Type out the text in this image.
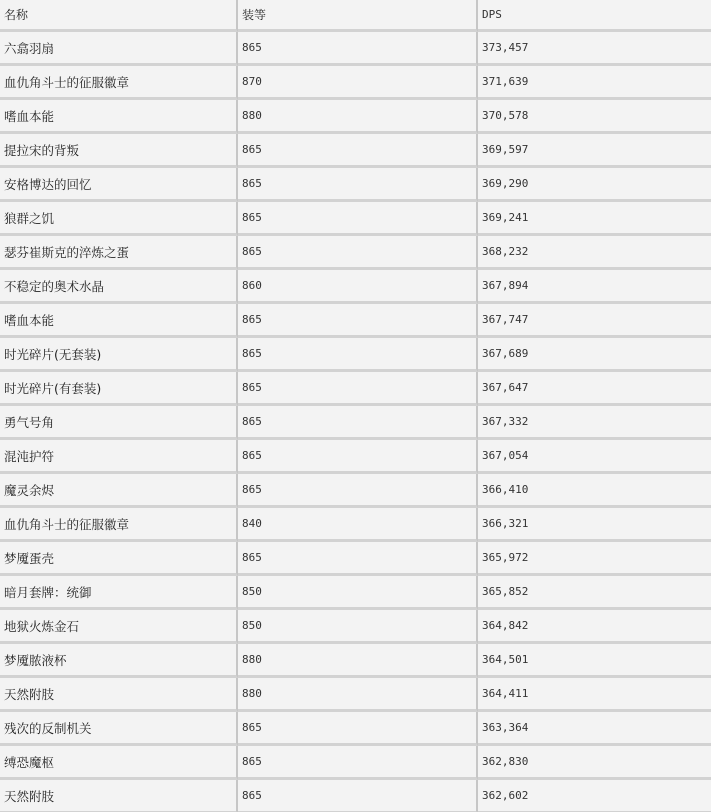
名称	装等	DPS
六翕羽扇	865	373,457
血仇角斗士的征服徽章	870	371,639
嗜血本能	880	370,578
提拉宋的背叛	865	369,597
安格博达的回忆	865	369,290
狼群之饥	865	369,241
瑟芬崔斯克的淬炼之蛋	865	368,232
不稳定的奥术水晶	860	367,894
嗜血本能	865	367,747
时光碎片(无套装)	865	367,689
时光碎片(有套装)	865	367,647
勇气号角	865	367,332
混沌护符	865	367,054
魔灵余烬	865	366,410
血仇角斗士的征服徽章	840	366,321
梦魇蛋壳	865	365,972
暗月套牌：统御	850	365,852
地狱火炼金石	850	364,842
梦魇脓液杯	880	364,501
天然附肢	880	364,411
残次的反制机关	865	363,364
缚恐魔枢	865	362,830
天然附肢	865	362,602
